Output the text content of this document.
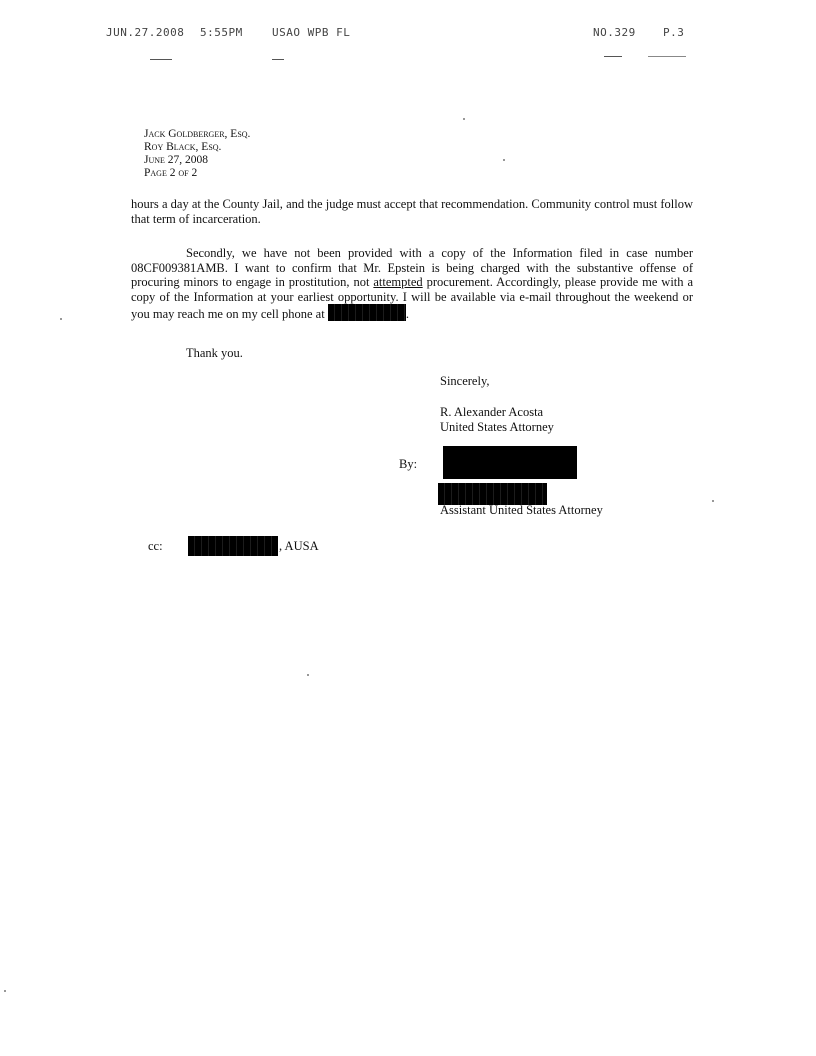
JUN.27.2008 5:55PM	USAO WPB FL	NO.329 P.3
Jack Goldberger, Esq.
Roy Black, Esq.
June 27, 2008
Page 2 of 2
hours a day at the County Jail, and the judge must accept that recommendation. Community control must follow that term of incarceration.
Secondly, we have not been provided with a copy of the Information filed in case number 08CF009381AMB. I want to confirm that Mr. Epstein is being charged with the substantive offense of procuring minors to engage in prostitution, not attempted procurement. Accordingly, please provide me with a copy of the Information at your earliest opportunity. I will be available via e-mail throughout the weekend or you may reach me on my cell phone at	.
Thank you.
Sincerely,
R. Alexander Acosta
United States Attorney
By:
Assistant United States Attorney
cc:	, AUSA
